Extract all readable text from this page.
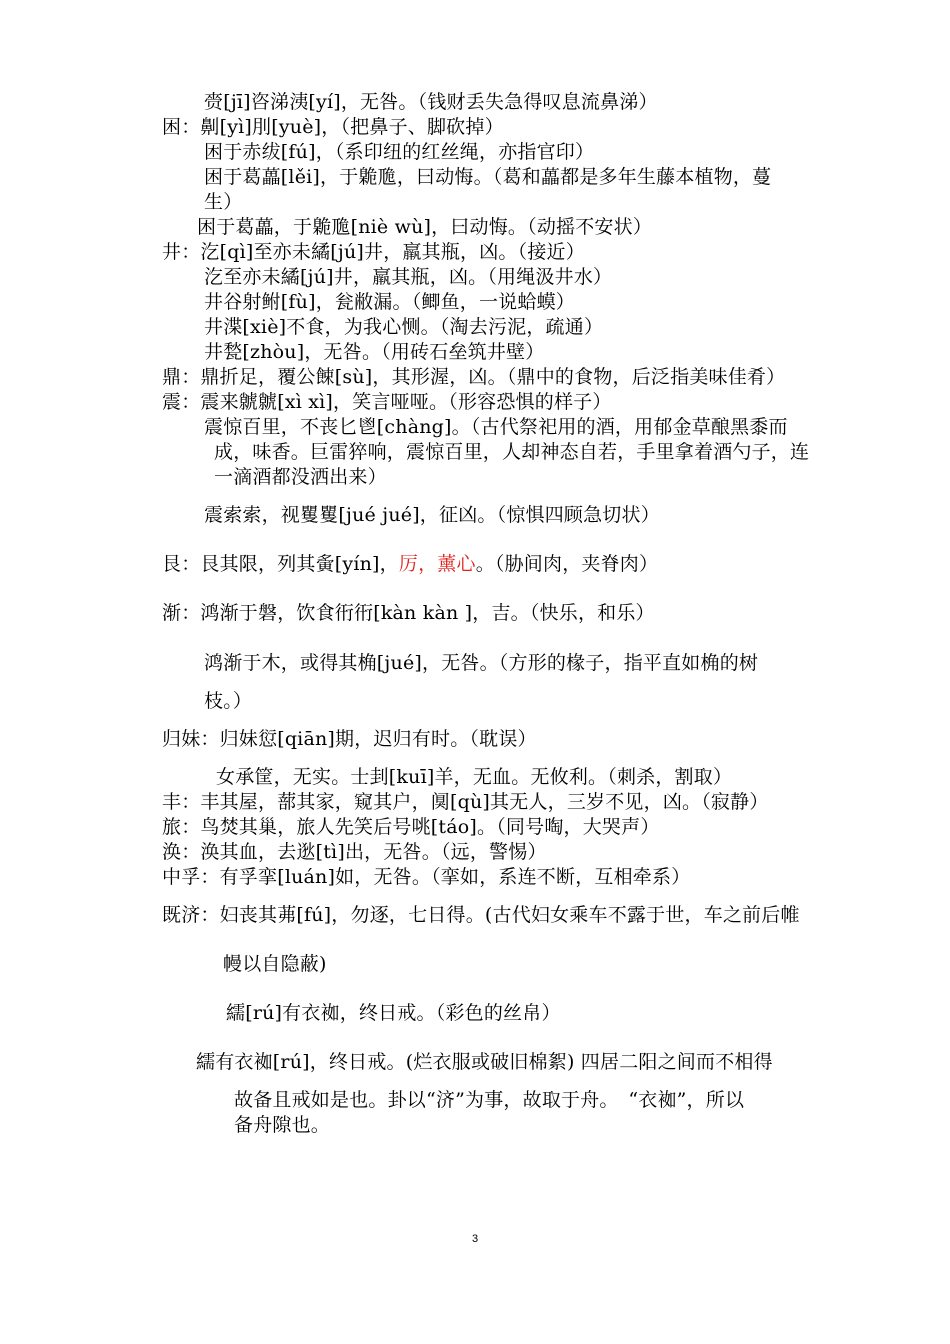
赍[jī]咨涕洟[yí]，无咎。（钱财丢失急得叹息流鼻涕）
困：劓[yì]刖[yuè]，（把鼻子、脚砍掉）
困于赤绂[fú]，（系印纽的红丝绳，亦指官印）
困于葛藟[lěi]，于臲卼，曰动悔。（葛和藟都是多年生藤本植物，蔓
生）
困于葛藟，于臲卼[niè wù]，曰动悔。（动摇不安状）
井：汔[qì]至亦未繘[jú]井，羸其瓶，凶。（接近）
汔至亦未繘[jú]井，羸其瓶，凶。（用绳汲井水）
井谷射鲋[fù]，瓮敝漏。（鲫鱼，一说蛤蟆）
井渫[xiè]不食，为我心恻。（淘去污泥，疏通）
井甃[zhòu]，无咎。（用砖石垒筑井壁）
鼎：鼎折足，覆公餗[sù]，其形渥，凶。（鼎中的食物，后泛指美味佳肴）
震：震来虩虩[xì xì]，笑言哑哑。（形容恐惧的样子）
震惊百里，不丧匕鬯[chàng]。（古代祭祀用的酒，用郁金草酿黑黍而
成，味香。巨雷猝响，震惊百里，人却神态自若，手里拿着酒勺子，连
一滴酒都没洒出来）
震索索，视矍矍[jué jué]，征凶。（惊惧四顾急切状）
艮：艮其限，列其夤[yín]，厉，薰心。（胁间肉，夹脊肉）
渐：鸿渐于磐，饮食衎衎[kàn kàn ]，吉。（快乐，和乐）
鸿渐于木，或得其桷[jué]，无咎。（方形的椽子，指平直如桷的树
枝。）
归妹：归妹愆[qiān]期，迟归有时。（耽误）
女承筐，无实。士刲[kuī]羊，无血。无攸利。（刺杀，割取）
丰：丰其屋，蔀其家，窥其户，阒[qù]其无人，三岁不见，凶。（寂静）
旅：鸟焚其巢，旅人先笑后号咷[táo]。（同号啕，大哭声）
涣：涣其血，去逖[tì]出，无咎。（远，警惕）
中孚：有孚挛[luán]如，无咎。（挛如，系连不断，互相牵系）
既济：妇丧其茀[fú]，勿逐，七日得。(古代妇女乘车不露于世，车之前后帷
幔以自隐蔽)
繻[rú]有衣袽，终日戒。（彩色的丝帛）
繻有衣袽[rú]，终日戒。(烂衣服或破旧棉絮) 四居二阳之间而不相得
故备且戒如是也。卦以“济”为事，故取于舟。　“衣袽”，所以
备舟隙也。
3
